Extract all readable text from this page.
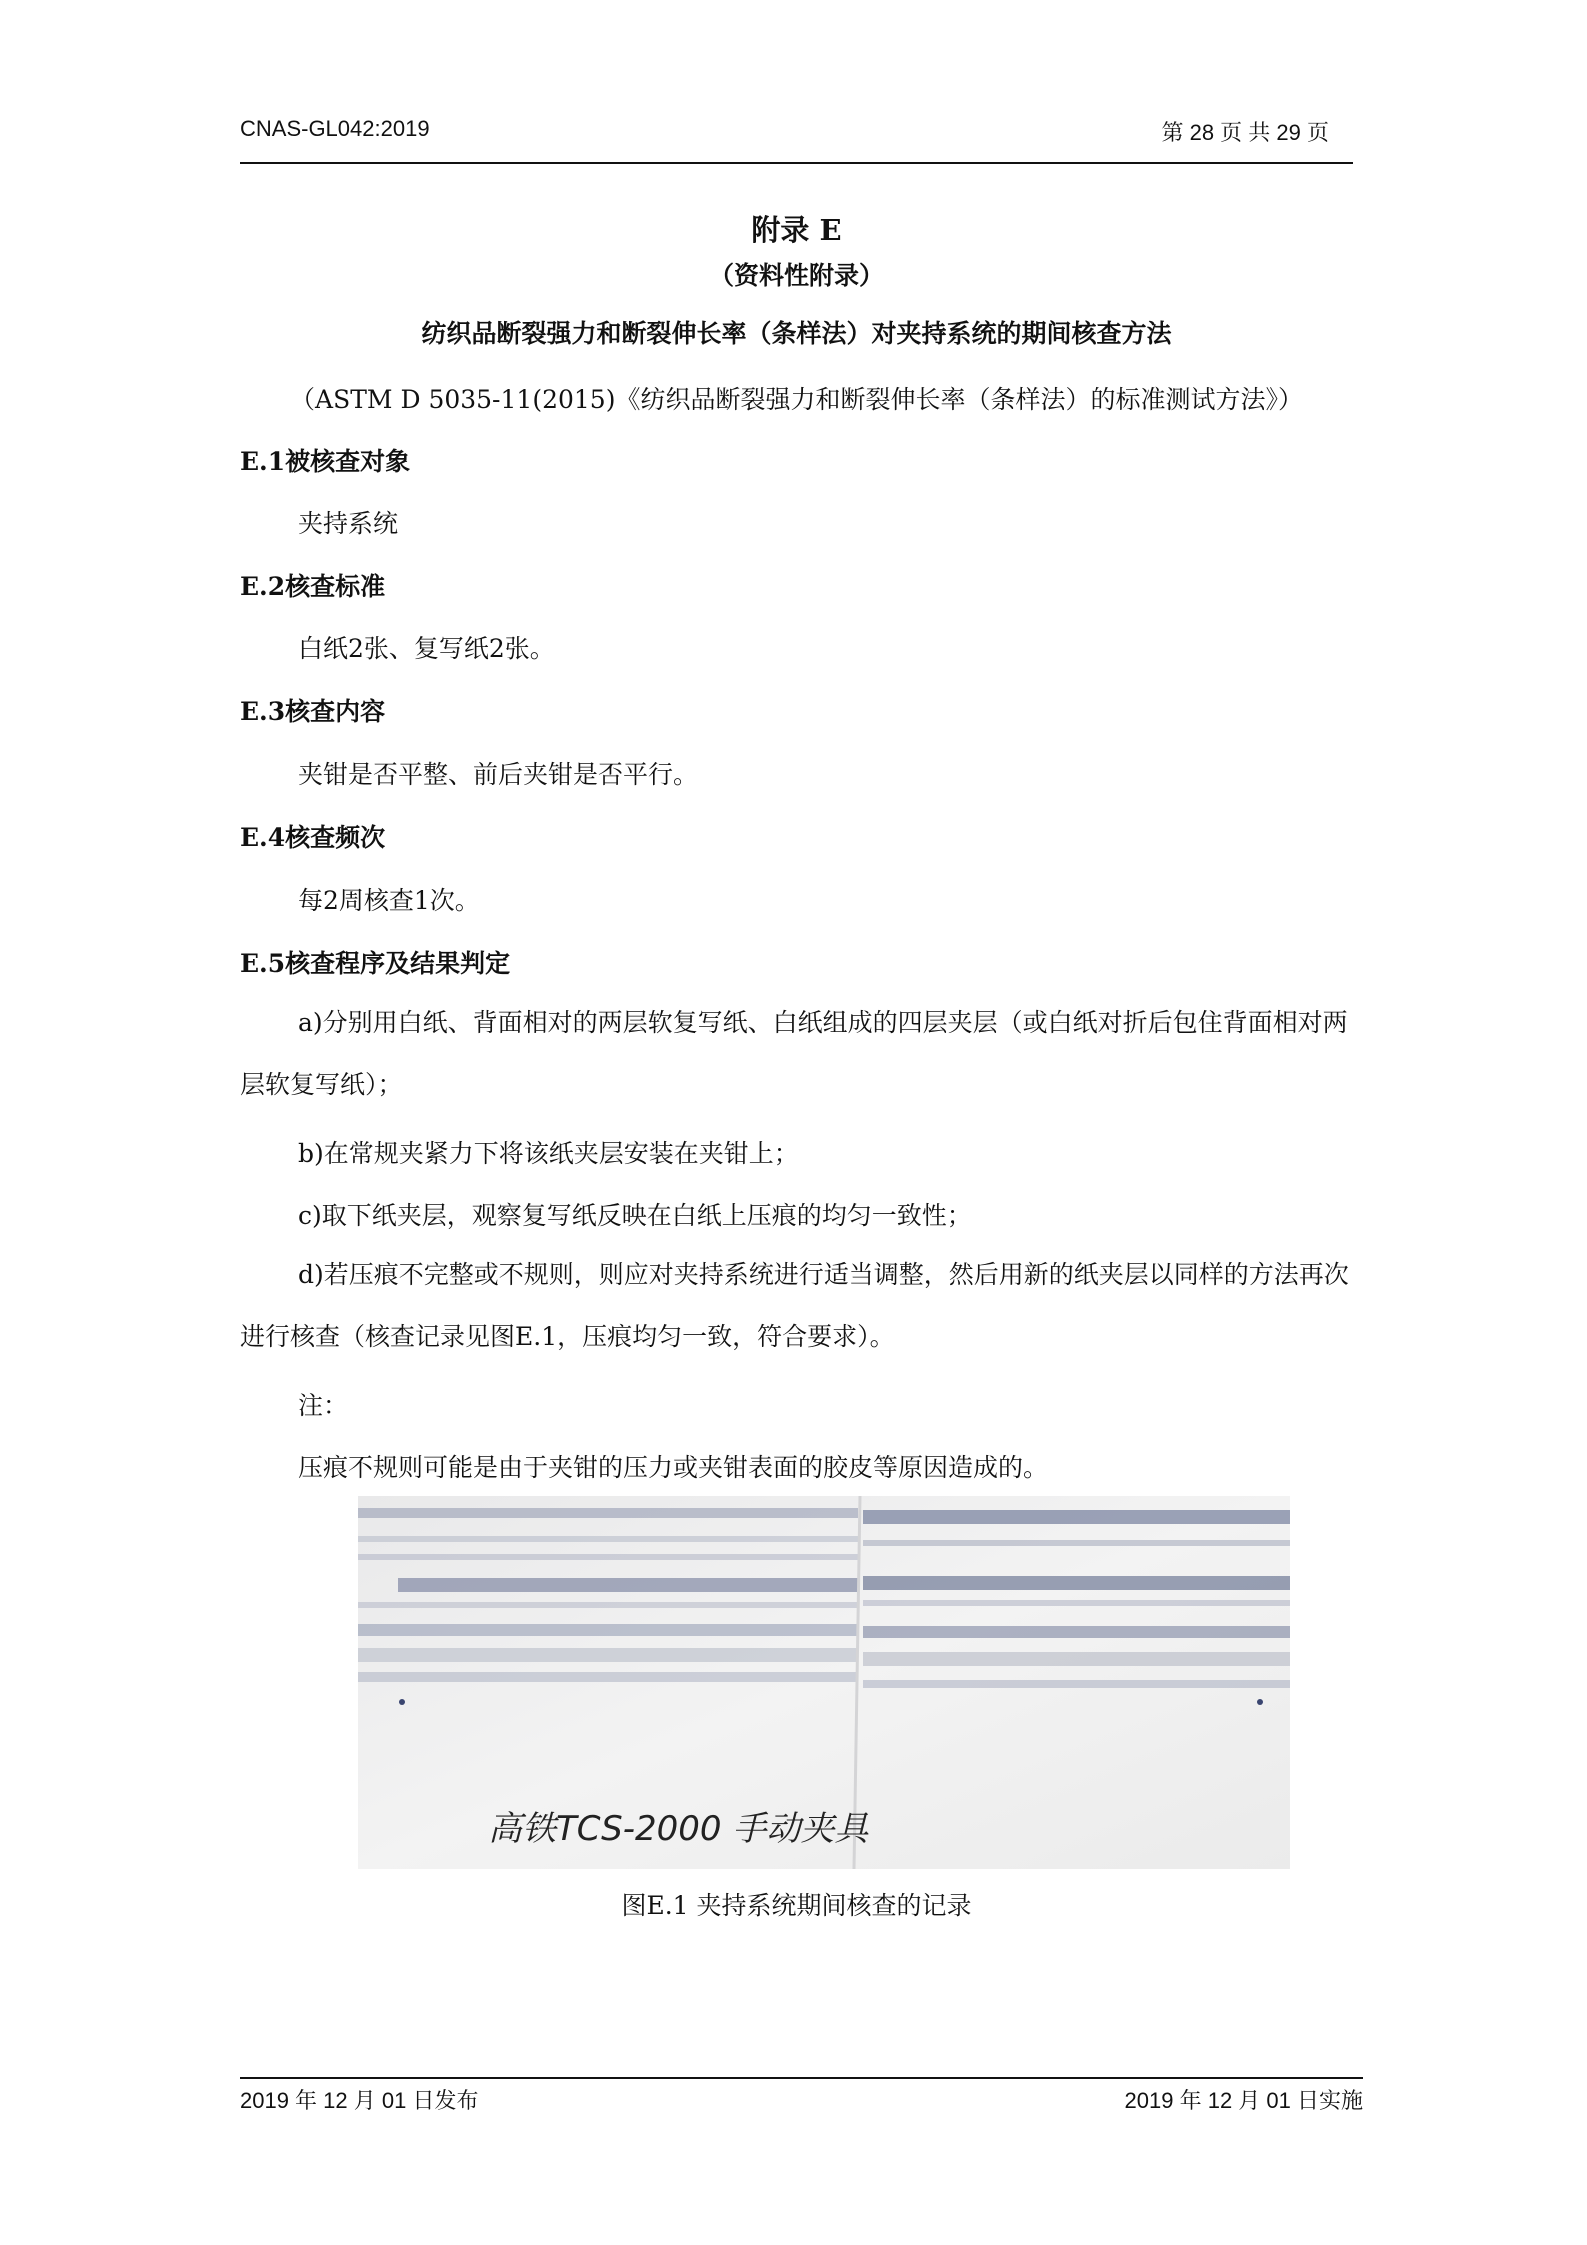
CNAS-GL042:2019	第 28 页 共 29 页
附录 E
（资料性附录）
纺织品断裂强力和断裂伸长率（条样法）对夹持系统的期间核查方法
（ASTM D 5035-11(2015)《纺织品断裂强力和断裂伸长率（条样法）的标准测试方法》）
E.1被核查对象
夹持系统
E.2核查标准
白纸2张、复写纸2张。
E.3核查内容
夹钳是否平整、前后夹钳是否平行。
E.4核查频次
每2周核查1次。
E.5核查程序及结果判定
a)分别用白纸、背面相对的两层软复写纸、白纸组成的四层夹层（或白纸对折后包住背面相对两层软复写纸）；
b)在常规夹紧力下将该纸夹层安装在夹钳上；
c)取下纸夹层，观察复写纸反映在白纸上压痕的均匀一致性；
d)若压痕不完整或不规则，则应对夹持系统进行适当调整，然后用新的纸夹层以同样的方法再次进行核查（核查记录见图E.1，压痕均匀一致，符合要求）。
注：
压痕不规则可能是由于夹钳的压力或夹钳表面的胶皮等原因造成的。
高铁TCS-2000 手动夹具
图E.1 夹持系统期间核查的记录
2019 年 12 月 01 日发布	2019 年 12 月 01 日实施
